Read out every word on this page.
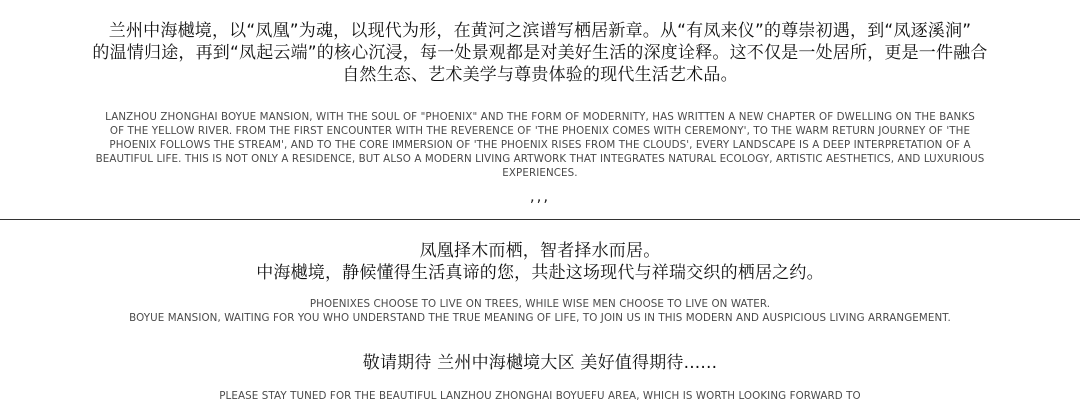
兰州中海樾境，以“凤凰”为魂，以现代为形，在黄河之滨谱写栖居新章。从“有凤来仪”的尊崇初遇，到“凤逐溪涧”
的温情归途，再到“凤起云端”的核心沉浸，每一处景观都是对美好生活的深度诠释。这不仅是一处居所，更是一件融合
自然生态、艺术美学与尊贵体验的现代生活艺术品。
LANZHOU ZHONGHAI BOYUE MANSION, WITH THE SOUL OF "PHOENIX" AND THE FORM OF MODERNITY, HAS WRITTEN A NEW CHAPTER OF DWELLING ON THE BANKS
OF THE YELLOW RIVER. FROM THE FIRST ENCOUNTER WITH THE REVERENCE OF 'THE PHOENIX COMES WITH CEREMONY', TO THE WARM RETURN JOURNEY OF 'THE
PHOENIX FOLLOWS THE STREAM', AND TO THE CORE IMMERSION OF 'THE PHOENIX RISES FROM THE CLOUDS', EVERY LANDSCAPE IS A DEEP INTERPRETATION OF A
BEAUTIFUL LIFE. THIS IS NOT ONLY A RESIDENCE, BUT ALSO A MODERN LIVING ARTWORK THAT INTEGRATES NATURAL ECOLOGY, ARTISTIC AESTHETICS, AND LUXURIOUS
EXPERIENCES.
,,,
凤凰择木而栖，智者择水而居。
中海樾境，静候懂得生活真谛的您，共赴这场现代与祥瑞交织的栖居之约。
PHOENIXES CHOOSE TO LIVE ON TREES, WHILE WISE MEN CHOOSE TO LIVE ON WATER.
BOYUE MANSION, WAITING FOR YOU WHO UNDERSTAND THE TRUE MEANING OF LIFE, TO JOIN US IN THIS MODERN AND AUSPICIOUS LIVING ARRANGEMENT.
敬请期待 兰州中海樾境大区 美好值得期待......
PLEASE STAY TUNED FOR THE BEAUTIFUL LANZHOU ZHONGHAI BOYUEFU AREA, WHICH IS WORTH LOOKING FORWARD TO
